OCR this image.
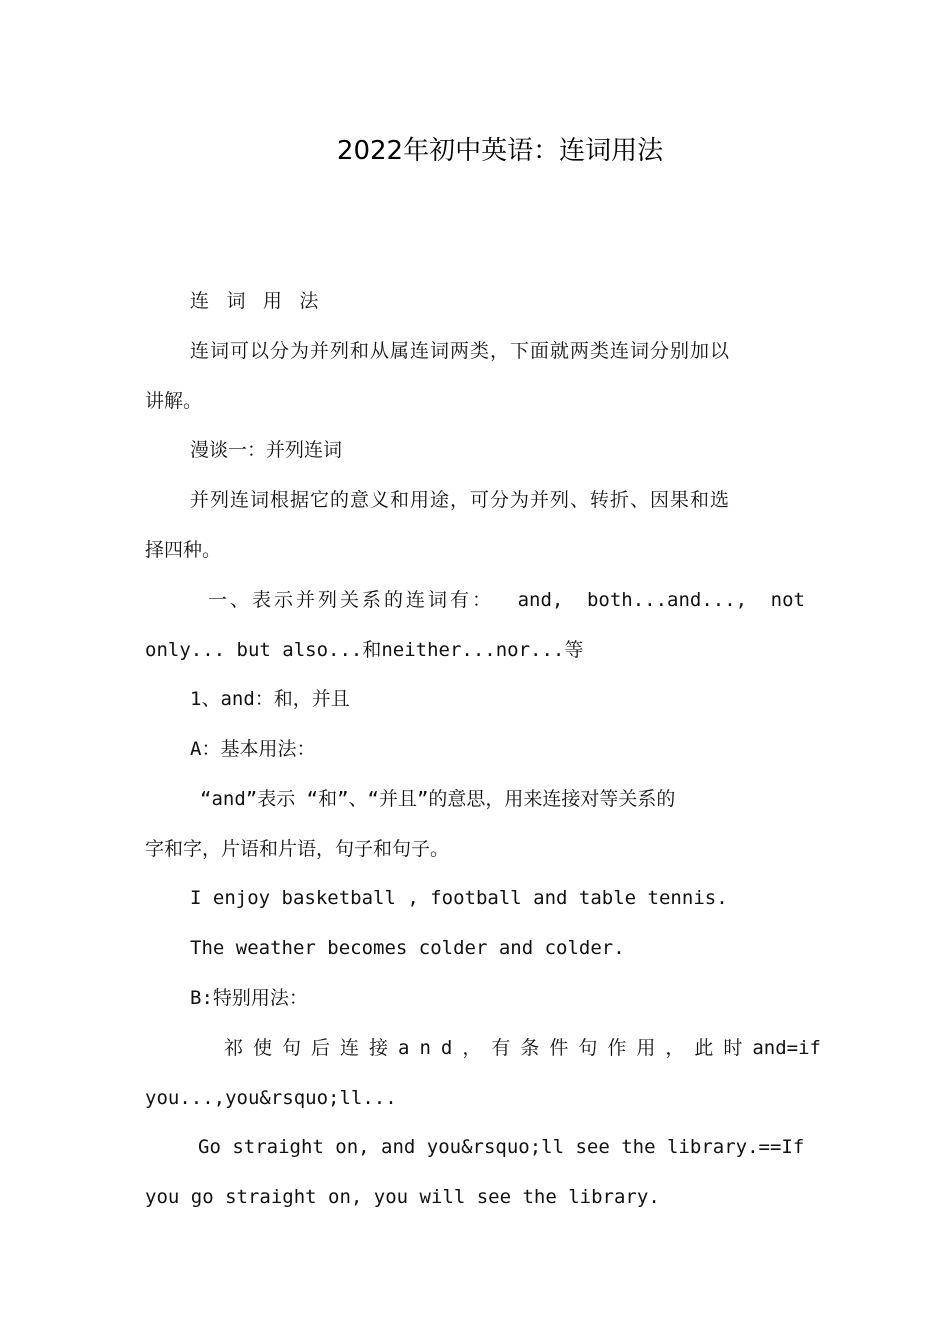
2022年初中英语：连词用法
连 词 用 法
连词可以分为并列和从属连词两类，下面就两类连词分别加以
讲解。
漫谈一：并列连词
并列连词根据它的意义和用途，可分为并列、转折、因果和选
择四种。
一、表示并列关系的连词有： and, both...and..., not
only... but also...和neither...nor...等
1、and：和，并且
A：基本用法：
“and”表示 “和”、“并且”的意思，用来连接对等关系的
字和字，片语和片语，句子和句子。
I enjoy basketball , football and table tennis.
The weather becomes colder and colder.
B:特别用法：
祁使句后连接and，有条件句作用，此时 and=if
you...,you&rsquo;ll...
Go straight on, and you&rsquo;ll see the library.==If
you go straight on, you will see the library.
